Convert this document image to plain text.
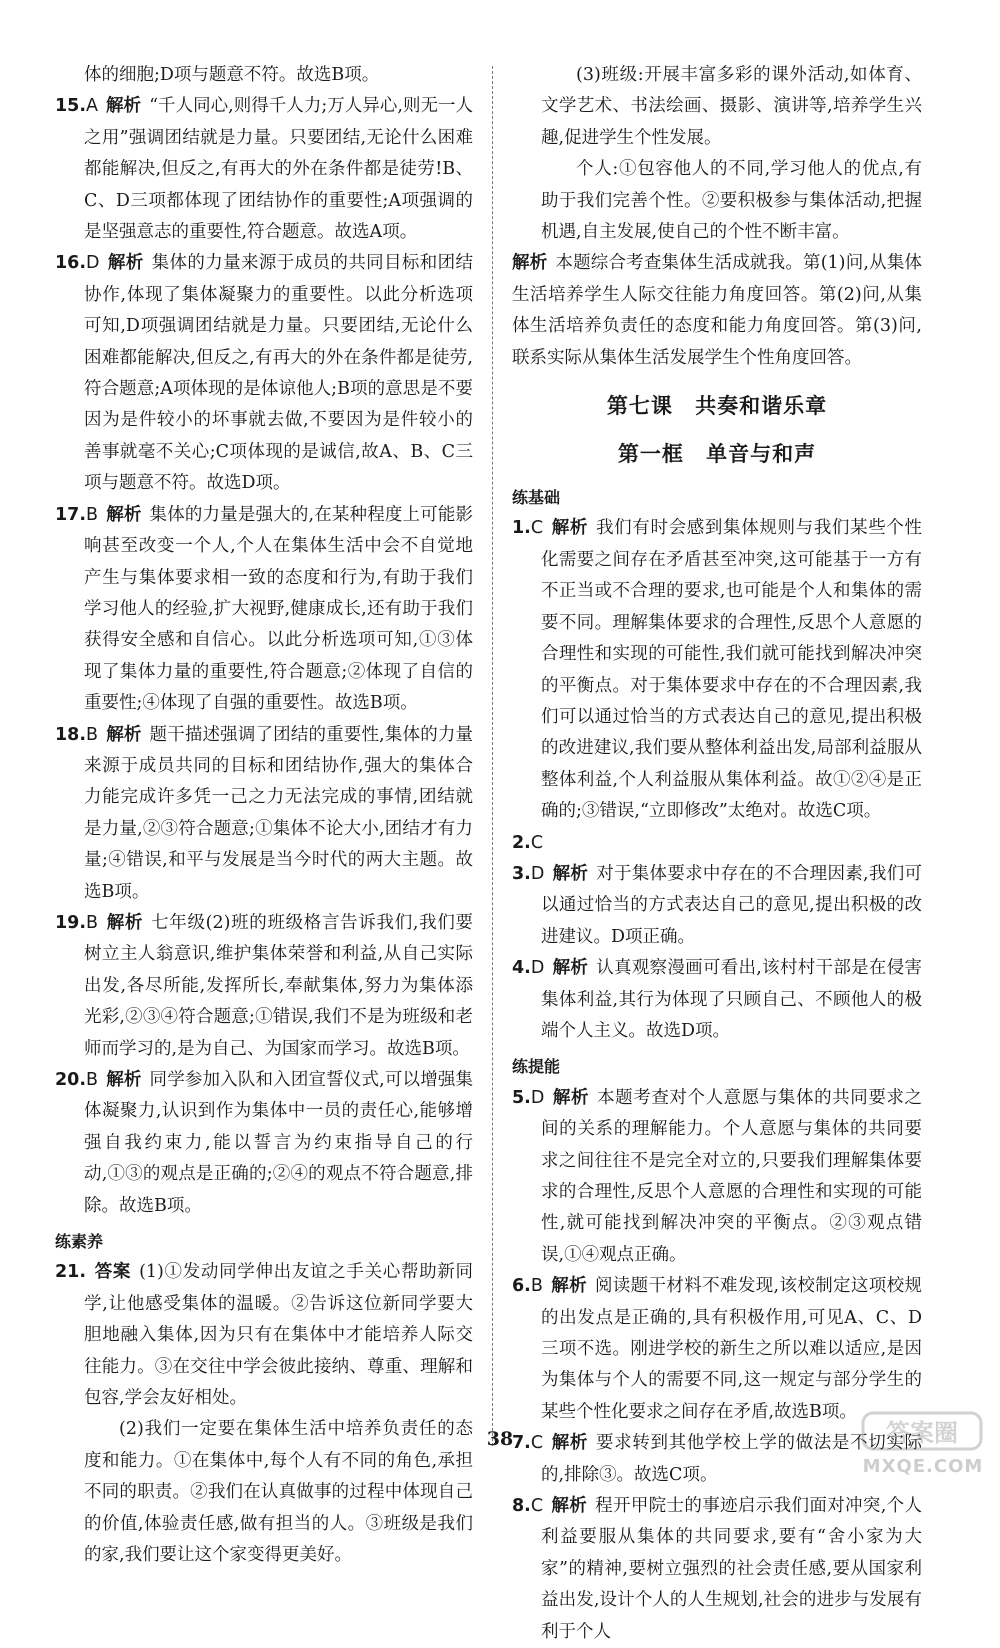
体的细胞;D项与题意不符。故选B项。

15.A 解析 “千人同心,则得千人力;万人异心,则无一人之用”强调团结就是力量。只要团结,无论什么困难都能解决,但反之,有再大的外在条件都是徒劳!B、C、D三项都体现了团结协作的重要性;A项强调的是坚强意志的重要性,符合题意。故选A项。

16.D 解析 集体的力量来源于成员的共同目标和团结协作,体现了集体凝聚力的重要性。以此分析选项可知,D项强调团结就是力量。只要团结,无论什么困难都能解决,但反之,有再大的外在条件都是徒劳,符合题意;A项体现的是体谅他人;B项的意思是不要因为是件较小的坏事就去做,不要因为是件较小的善事就毫不关心;C项体现的是诚信,故A、B、C三项与题意不符。故选D项。

17.B 解析 集体的力量是强大的,在某种程度上可能影响甚至改变一个人,个人在集体生活中会不自觉地产生与集体要求相一致的态度和行为,有助于我们学习他人的经验,扩大视野,健康成长,还有助于我们获得安全感和自信心。以此分析选项可知,①③体现了集体力量的重要性,符合题意;②体现了自信的重要性;④体现了自强的重要性。故选B项。

18.B 解析 题干描述强调了团结的重要性,集体的力量来源于成员共同的目标和团结协作,强大的集体合力能完成许多凭一己之力无法完成的事情,团结就是力量,②③符合题意;①集体不论大小,团结才有力量;④错误,和平与发展是当今时代的两大主题。故选B项。

19.B 解析 七年级(2)班的班级格言告诉我们,我们要树立主人翁意识,维护集体荣誉和利益,从自己实际出发,各尽所能,发挥所长,奉献集体,努力为集体添光彩,②③④符合题意;①错误,我们不是为班级和老师而学习的,是为自己、为国家而学习。故选B项。

20.B 解析 同学参加入队和入团宣誓仪式,可以增强集体凝聚力,认识到作为集体中一员的责任心,能够增强自我约束力,能以誓言为约束指导自己的行动,①③的观点是正确的;②④的观点不符合题意,排除。故选B项。

练素养

21. 答案 (1)①发动同学伸出友谊之手关心帮助新同学,让他感受集体的温暖。②告诉这位新同学要大胆地融入集体,因为只有在集体中才能培养人际交往能力。③在交往中学会彼此接纳、尊重、理解和包容,学会友好相处。

(2)我们一定要在集体生活中培养负责任的态度和能力。①在集体中,每个人有不同的角色,承担不同的职责。②我们在认真做事的过程中体现自己的价值,体验责任感,做有担当的人。③班级是我们的家,我们要让这个家变得更美好。

(3)班级:开展丰富多彩的课外活动,如体育、文学艺术、书法绘画、摄影、演讲等,培养学生兴趣,促进学生个性发展。

个人:①包容他人的不同,学习他人的优点,有助于我们完善个性。②要积极参与集体活动,把握机遇,自主发展,使自己的个性不断丰富。

解析 本题综合考查集体生活成就我。第(1)问,从集体生活培养学生人际交往能力角度回答。第(2)问,从集体生活培养负责任的态度和能力角度回答。第(3)问,联系实际从集体生活发展学生个性角度回答。

第七课 共奏和谐乐章

第一框 单音与和声

练基础

1.C 解析 我们有时会感到集体规则与我们某些个性化需要之间存在矛盾甚至冲突,这可能基于一方有不正当或不合理的要求,也可能是个人和集体的需要不同。理解集体要求的合理性,反思个人意愿的合理性和实现的可能性,我们就可能找到解决冲突的平衡点。对于集体要求中存在的不合理因素,我们可以通过恰当的方式表达自己的意见,提出积极的改进建议,我们要从整体利益出发,局部利益服从整体利益,个人利益服从集体利益。故①②④是正确的;③错误,“立即修改”太绝对。故选C项。

2.C

3.D 解析 对于集体要求中存在的不合理因素,我们可以通过恰当的方式表达自己的意见,提出积极的改进建议。D项正确。

4.D 解析 认真观察漫画可看出,该村村干部是在侵害集体利益,其行为体现了只顾自己、不顾他人的极端个人主义。故选D项。

练提能

5.D 解析 本题考查对个人意愿与集体的共同要求之间的关系的理解能力。个人意愿与集体的共同要求之间往往不是完全对立的,只要我们理解集体要求的合理性,反思个人意愿的合理性和实现的可能性,就可能找到解决冲突的平衡点。②③观点错误,①④观点正确。

6.B 解析 阅读题干材料不难发现,该校制定这项校规的出发点是正确的,具有积极作用,可见A、C、D三项不选。刚进学校的新生之所以难以适应,是因为集体与个人的需要不同,这一规定与部分学生的某些个性化要求之间存在矛盾,故选B项。

7.C 解析 要求转到其他学校上学的做法是不切实际的,排除③。故选C项。

8.C 解析 程开甲院士的事迹启示我们面对冲突,个人利益要服从集体的共同要求,要有“舍小家为大家”的精神,要树立强烈的社会责任感,要从国家利益出发,设计个人的人生规划,社会的进步与发展有利于个人

38	答案圈
MXQE.COM
